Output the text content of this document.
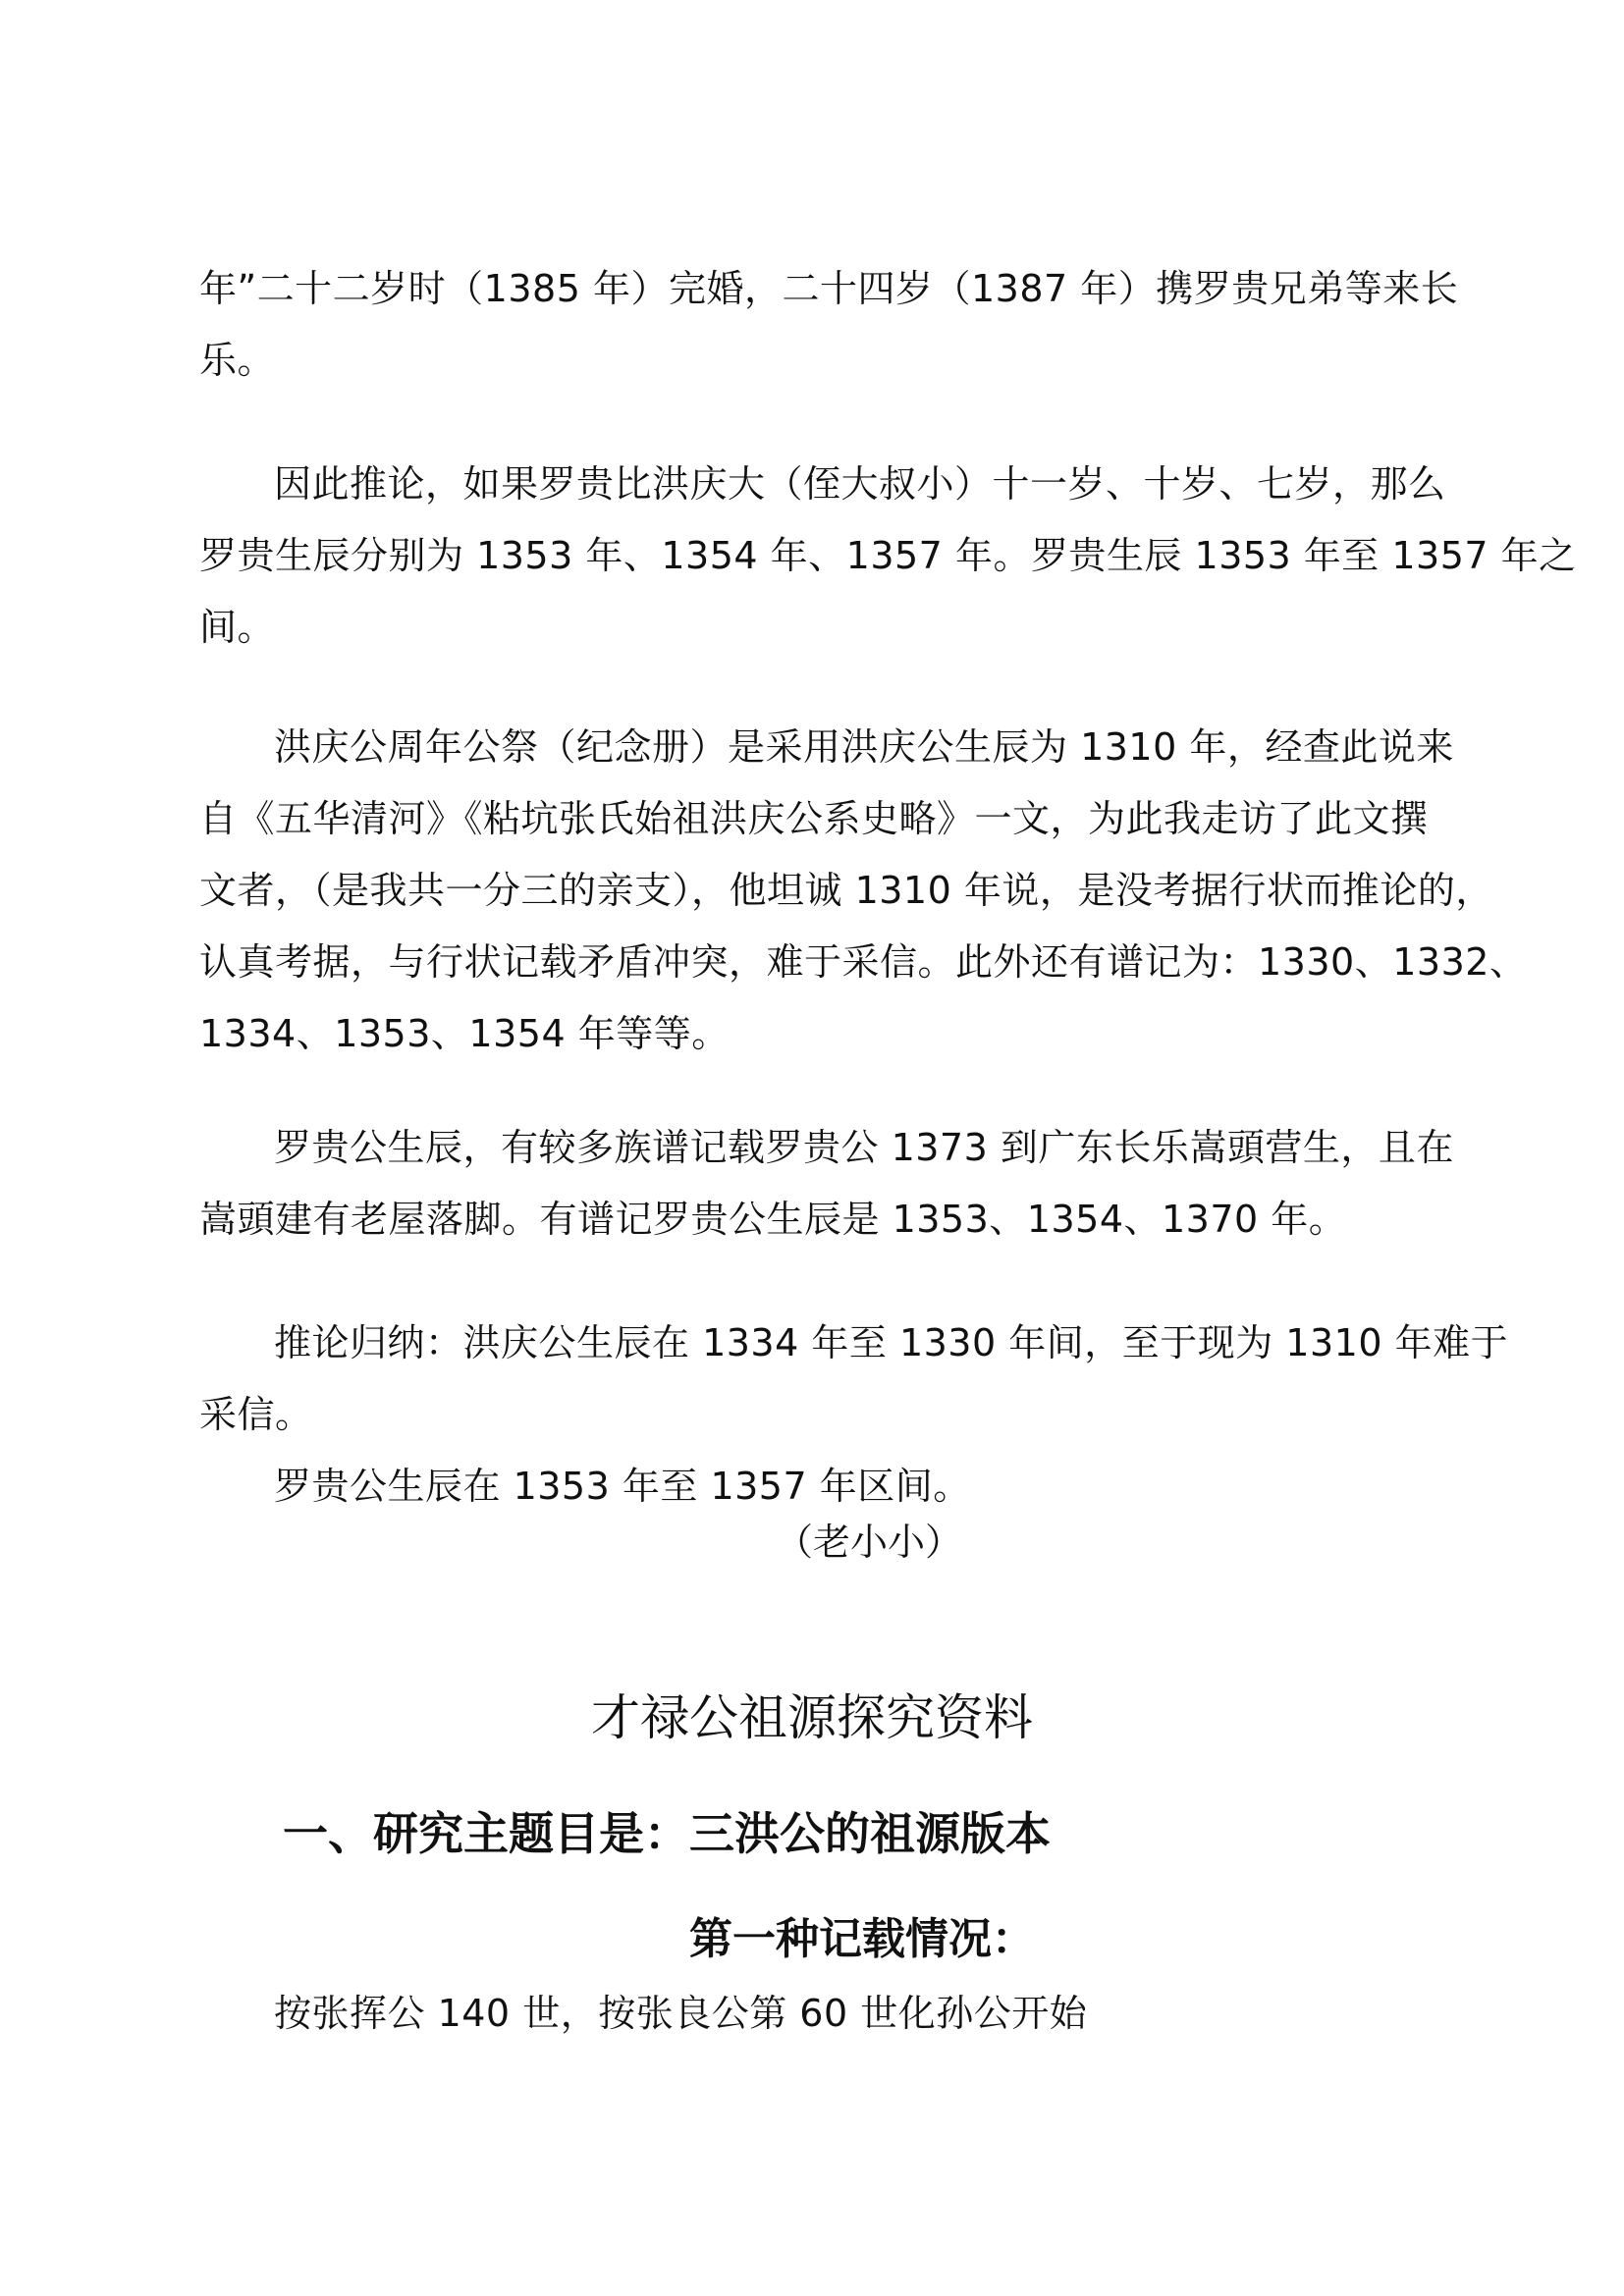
年”二十二岁时（1385 年）完婚，二十四岁（1387 年）携罗贵兄弟等来长
乐。

因此推论，如果罗贵比洪庆大（侄大叔小）十一岁、十岁、七岁，那么
罗贵生辰分别为 1353 年、1354 年、1357 年。罗贵生辰 1353 年至 1357 年之
间。

洪庆公周年公祭（纪念册）是采用洪庆公生辰为 1310 年，经查此说来
自《五华清河》《粘坑张氏始祖洪庆公系史略》一文，为此我走访了此文撰
文者，（是我共一分三的亲支），他坦诚 1310 年说，是没考据行状而推论的，
认真考据，与行状记载矛盾冲突，难于采信。此外还有谱记为：1330、1332、
1334、1353、1354 年等等。

罗贵公生辰，有较多族谱记载罗贵公 1373 到广东长乐嵩頭营生，且在
嵩頭建有老屋落脚。有谱记罗贵公生辰是 1353、1354、1370 年。

推论归纳：洪庆公生辰在 1334 年至 1330 年间，至于现为 1310 年难于
采信。
罗贵公生辰在 1353 年至 1357 年区间。

（老小小）
才禄公祖源探究资料
一、研究主题目是：三洪公的祖源版本
第一种记载情况：

按张挥公 140 世，按张良公第 60 世化孙公开始
